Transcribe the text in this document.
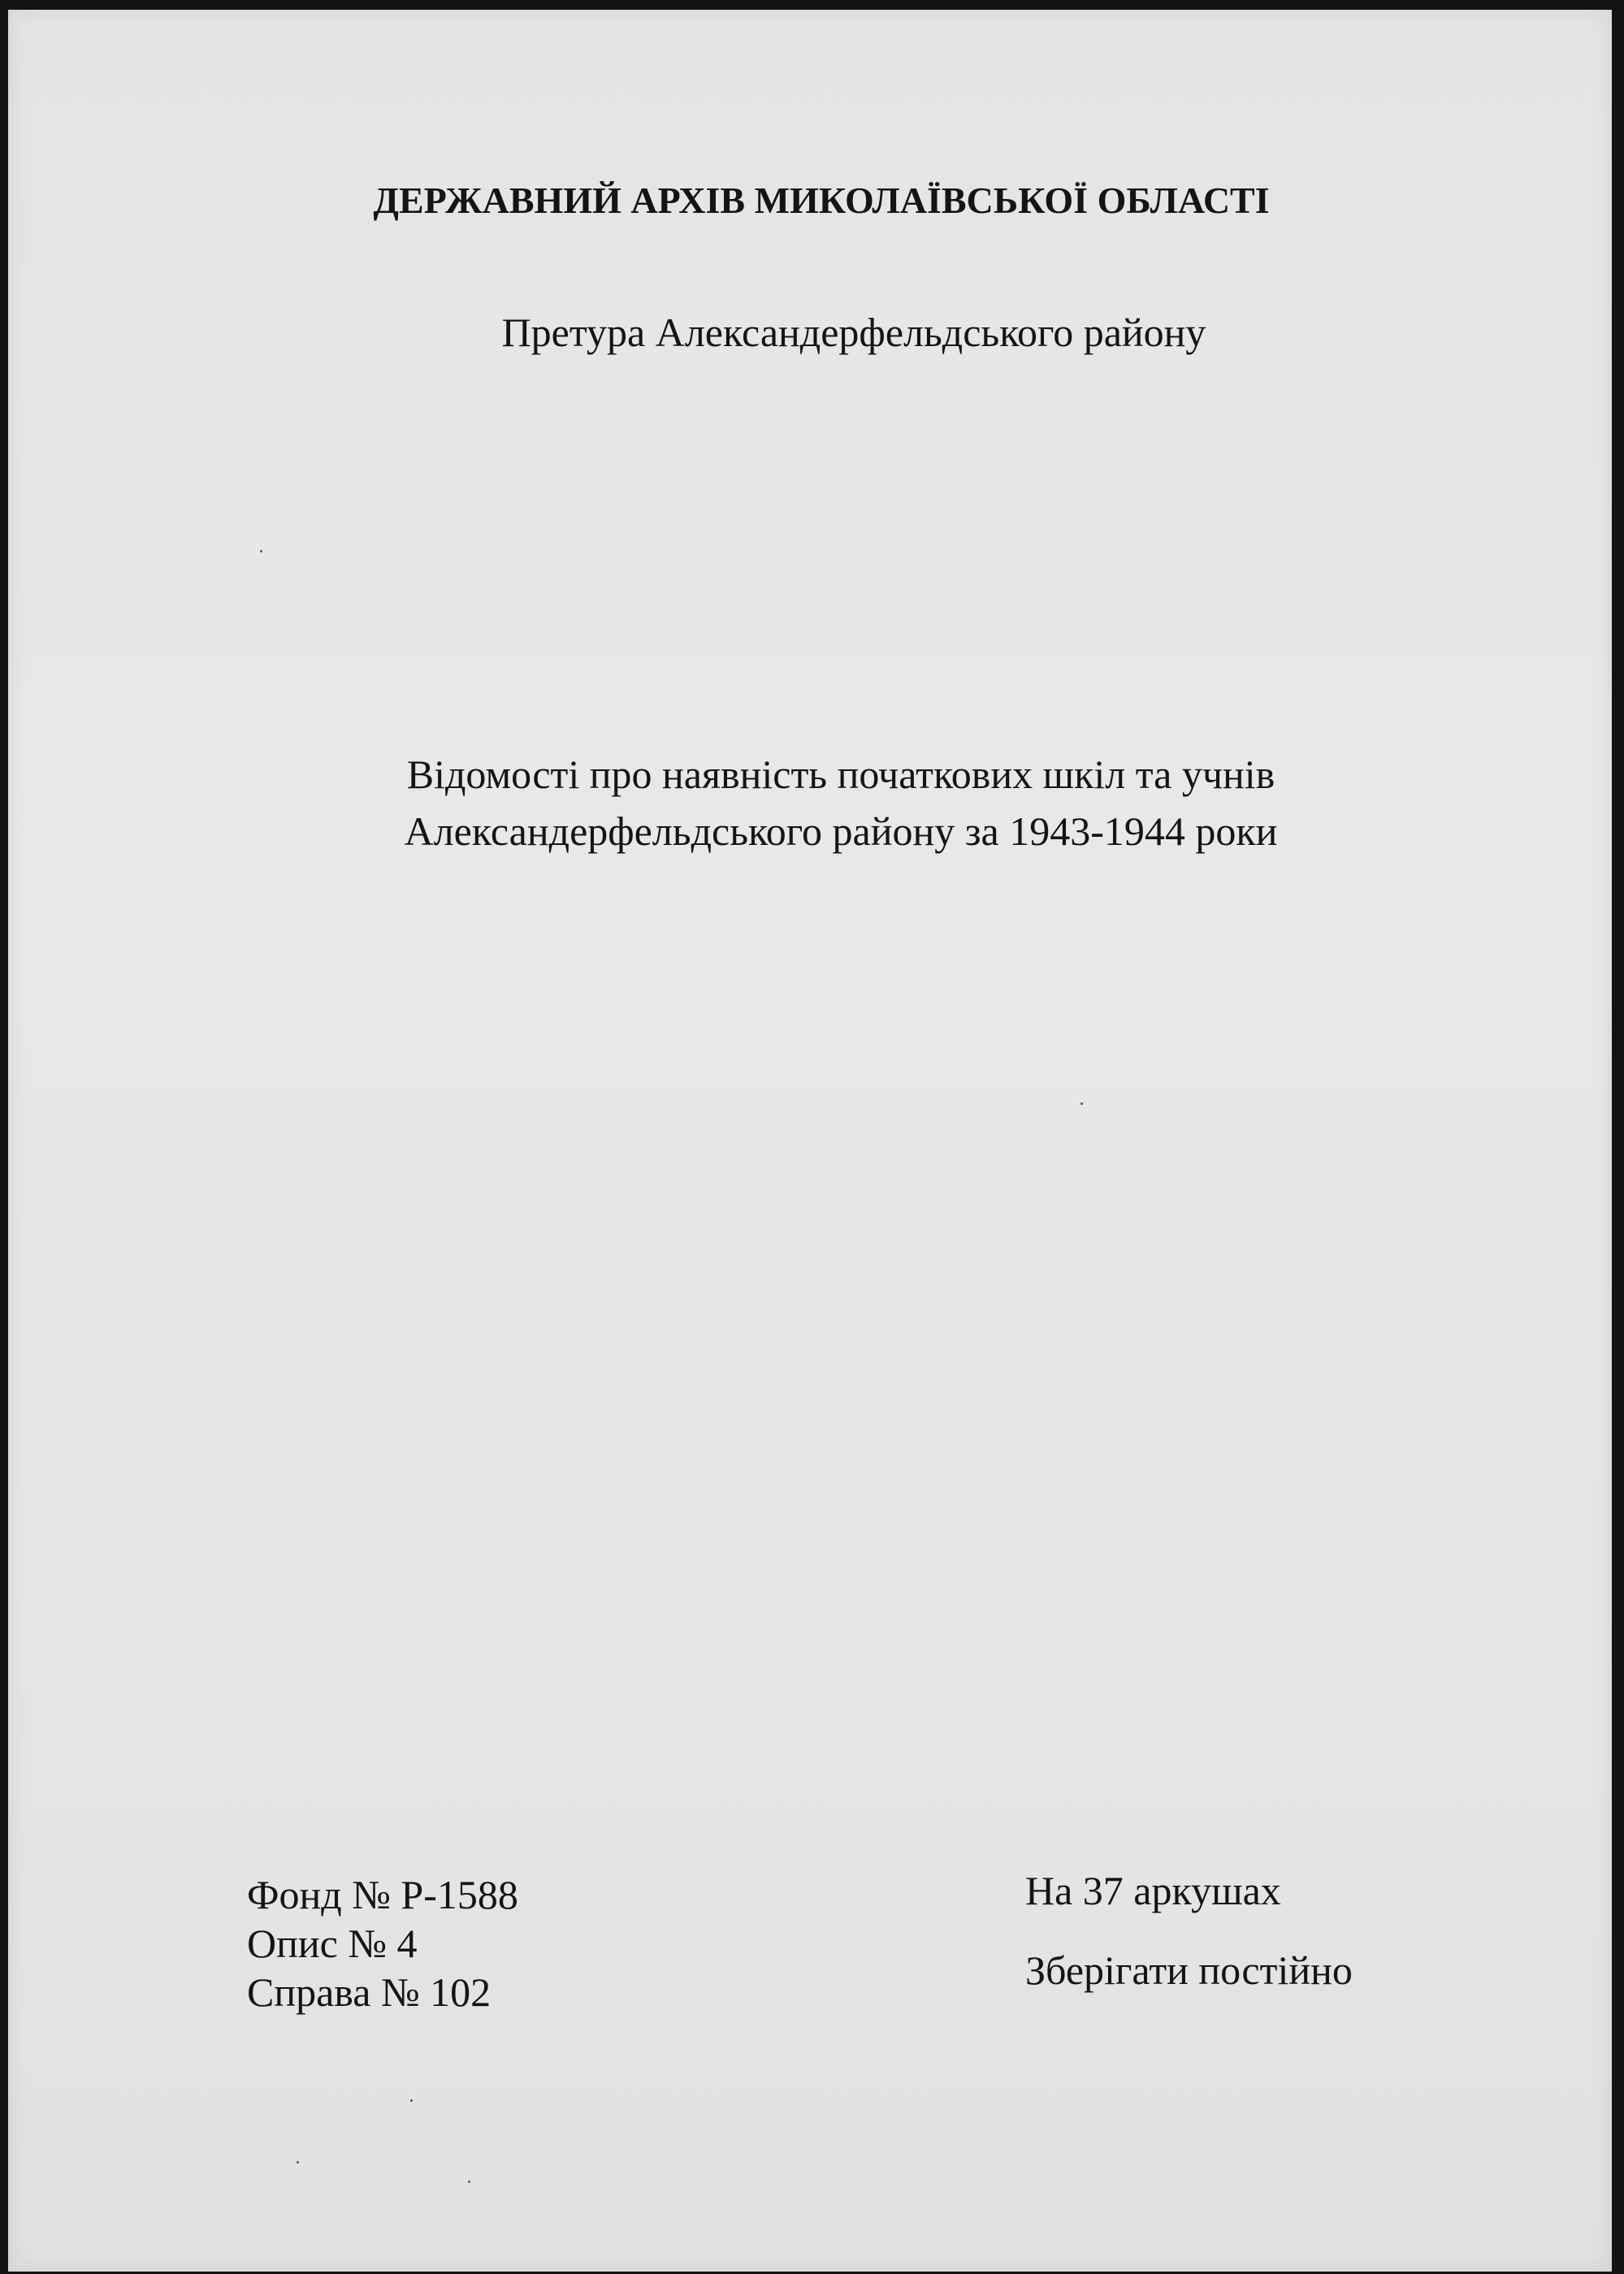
ДЕРЖАВНИЙ АРХІВ МИКОЛАЇВСЬКОЇ ОБЛАСТІ
Претура Александерфельдського району
Відомості про наявність початкових шкіл та учнів
Александерфельдського району за 1943-1944 роки
Фонд № Р-1588
Опис № 4
Справа № 102
На 37 аркушах
Зберігати постійно
